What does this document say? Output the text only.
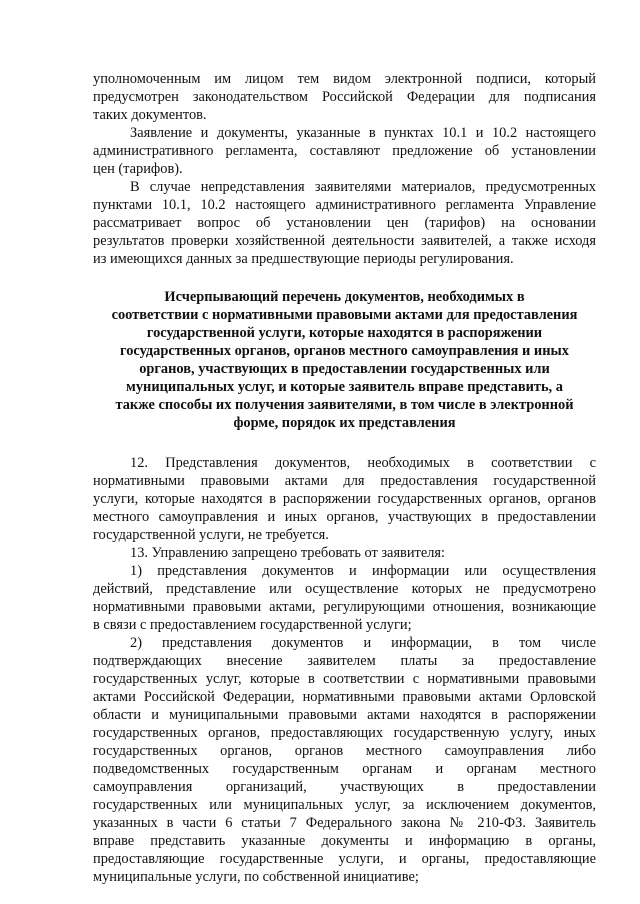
уполномоченным им лицом тем видом электронной подписи, который
предусмотрен законодательством Российской Федерации для подписания
таких документов.
Заявление и документы, указанные в пунктах 10.1 и 10.2 настоящего
административного регламента, составляют предложение об установлении
цен (тарифов).
В случае непредставления заявителями материалов, предусмотренных
пунктами 10.1, 10.2 настоящего административного регламента Управление
рассматривает вопрос об установлении цен (тарифов) на основании
результатов проверки хозяйственной деятельности заявителей, а также исходя
из имеющихся данных за предшествующие периоды регулирования.
Исчерпывающий перечень документов, необходимых в
соответствии с нормативными правовыми актами для предоставления
государственной услуги, которые находятся в распоряжении
государственных органов, органов местного самоуправления и иных
органов, участвующих в предоставлении государственных или
муниципальных услуг, и которые заявитель вправе представить, а
также способы их получения заявителями, в том числе в электронной
форме, порядок их представления
12. Представления документов, необходимых в соответствии с
нормативными правовыми актами для предоставления государственной
услуги, которые находятся в распоряжении государственных органов, органов
местного самоуправления и иных органов, участвующих в предоставлении
государственной услуги, не требуется.
13. Управлению запрещено требовать от заявителя:
1) представления документов и информации или осуществления
действий, представление или осуществление которых не предусмотрено
нормативными правовыми актами, регулирующими отношения, возникающие
в связи с предоставлением государственной услуги;
2) представления документов и информации, в том числе
подтверждающих внесение заявителем платы за предоставление
государственных услуг, которые в соответствии с нормативными правовыми
актами Российской Федерации, нормативными правовыми актами Орловской
области и муниципальными правовыми актами находятся в распоряжении
государственных органов, предоставляющих государственную услугу, иных
государственных органов, органов местного самоуправления либо
подведомственных государственным органам и органам местного
самоуправления организаций, участвующих в предоставлении
государственных или муниципальных услуг, за исключением документов,
указанных в части 6 статьи 7 Федерального закона № 210-ФЗ. Заявитель
вправе представить указанные документы и информацию в органы,
предоставляющие государственные услуги, и органы, предоставляющие
муниципальные услуги, по собственной инициативе;
